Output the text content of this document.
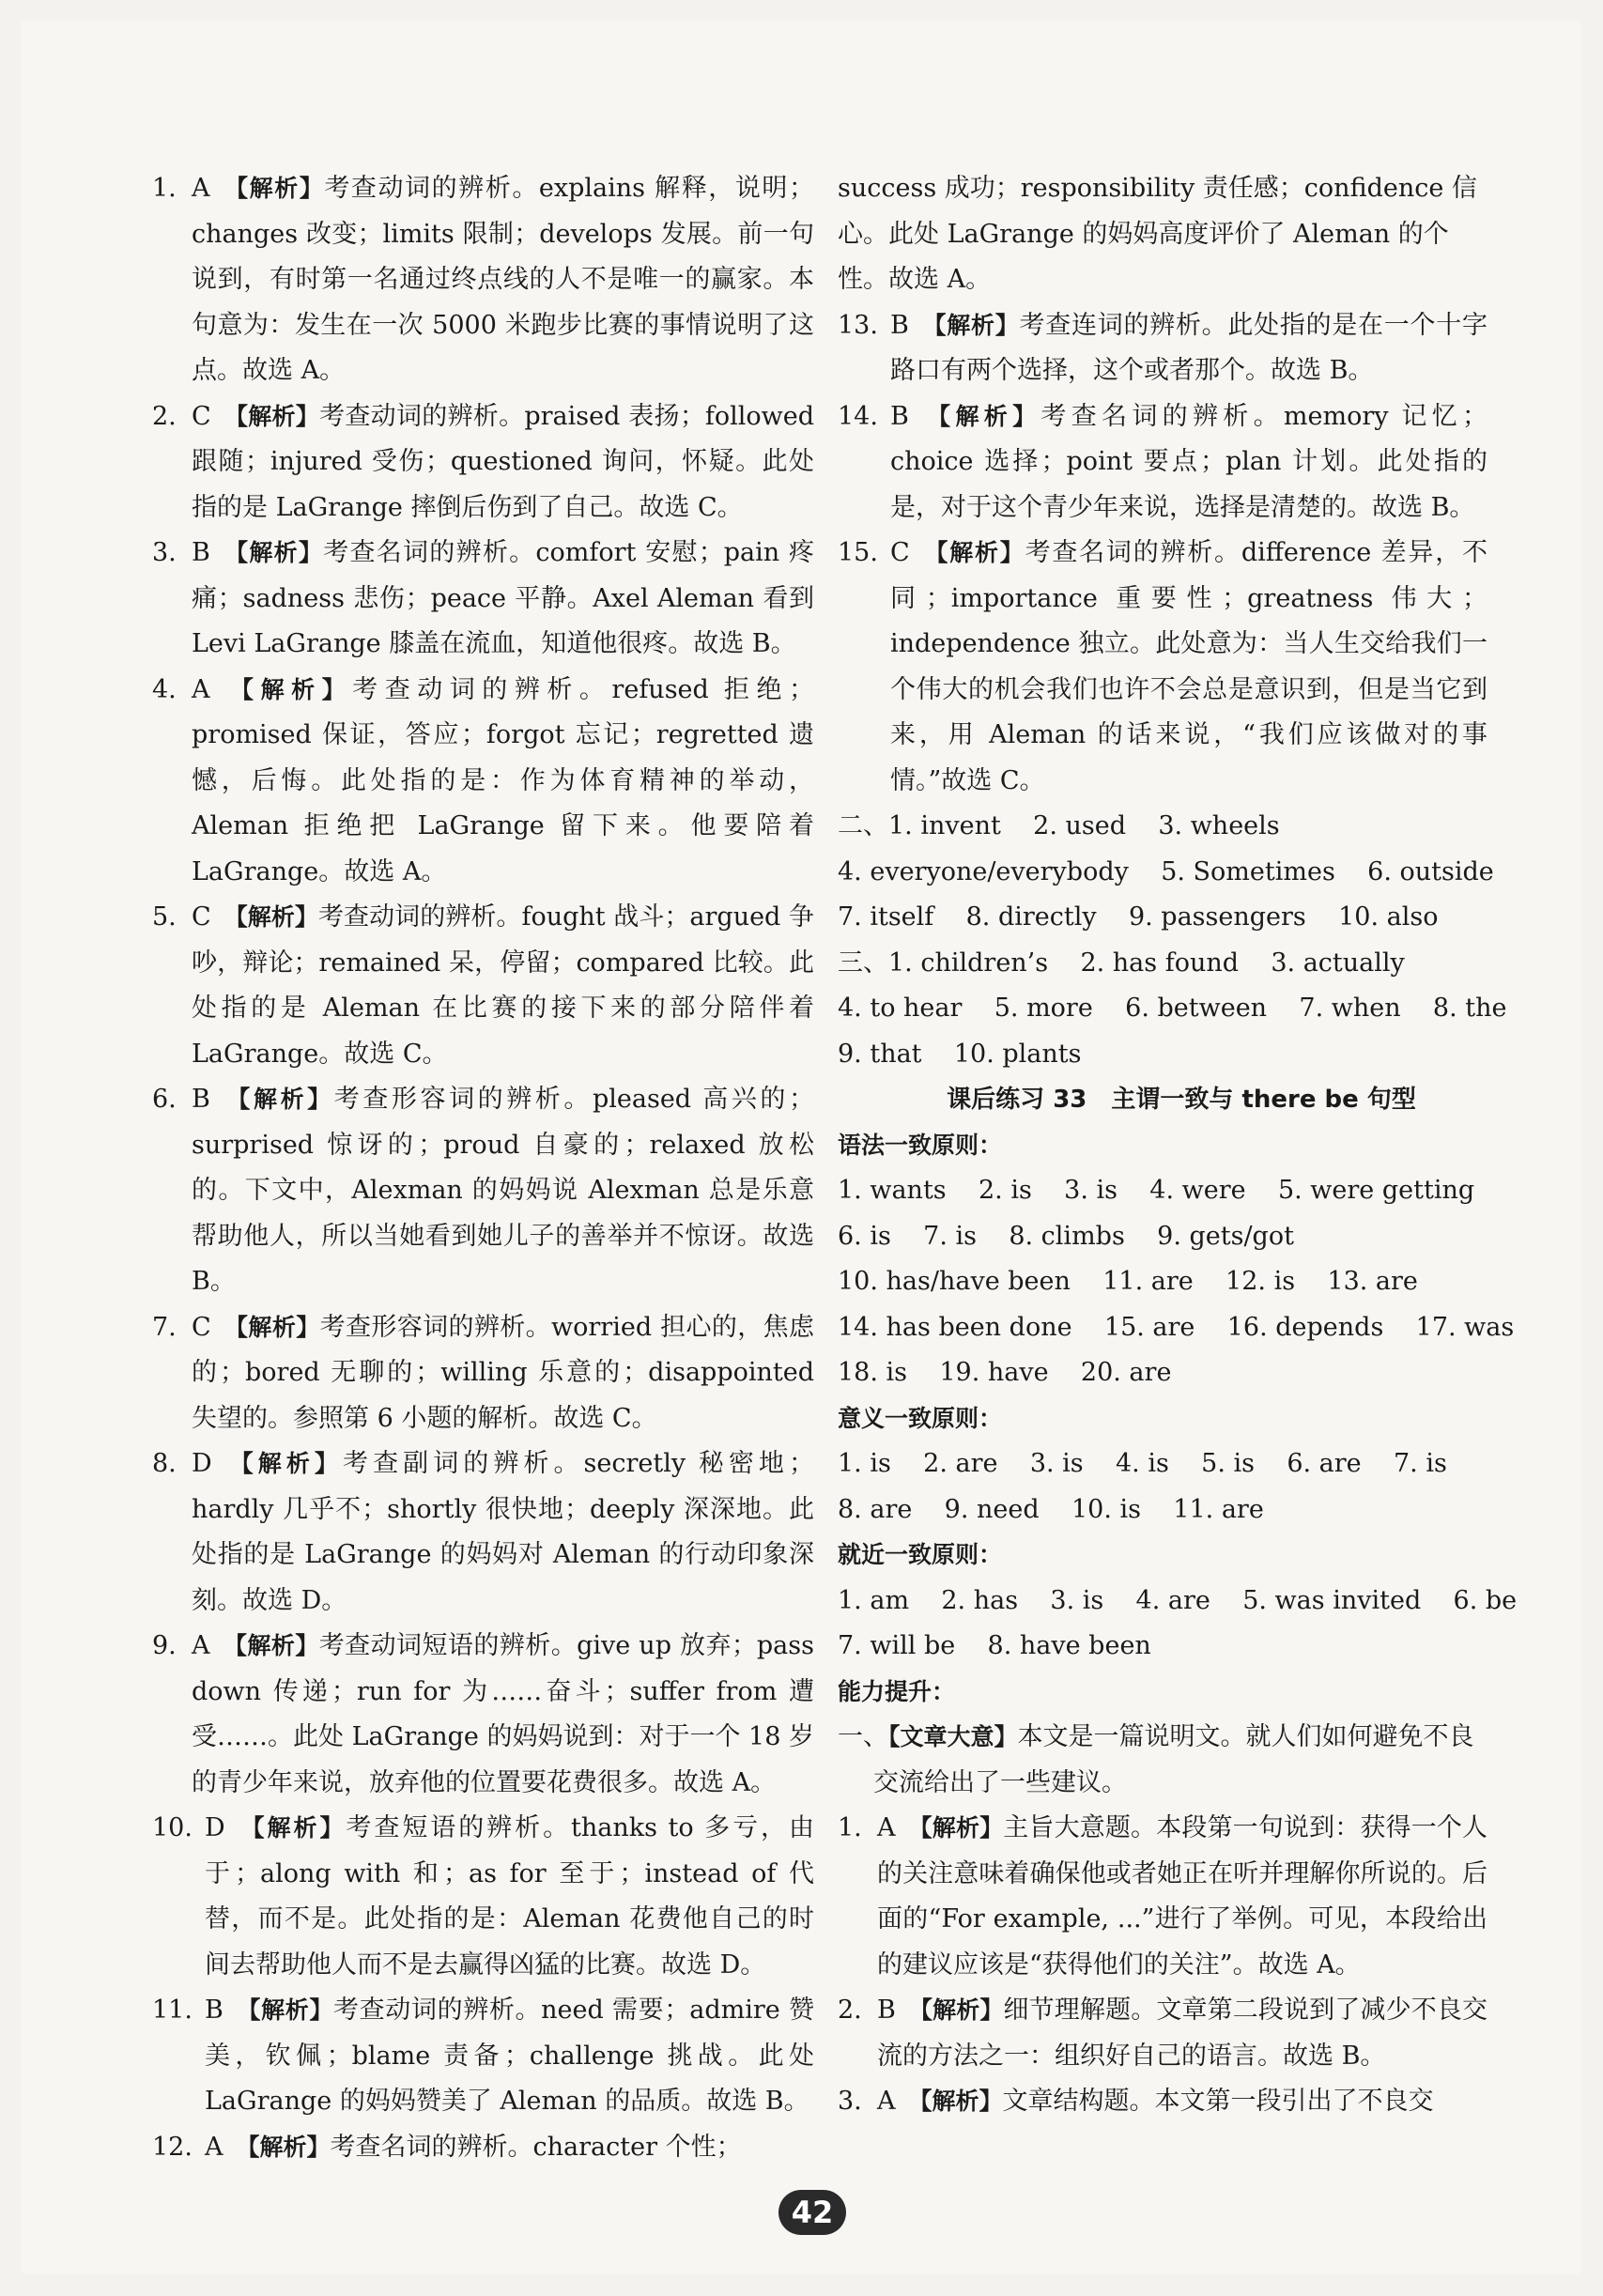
1. A 【解析】考查动词的辨析。explains 解释，说明；changes 改变；limits 限制；develops 发展。前一句说到，有时第一名通过终点线的人不是唯一的赢家。本句意为：发生在一次 5000 米跑步比赛的事情说明了这点。故选 A。
2. C 【解析】考查动词的辨析。praised 表扬；followed 跟随；injured 受伤；questioned 询问，怀疑。此处指的是 LaGrange 摔倒后伤到了自己。故选 C。
3. B 【解析】考查名词的辨析。comfort 安慰；pain 疼痛；sadness 悲伤；peace 平静。Axel Aleman 看到 Levi LaGrange 膝盖在流血，知道他很疼。故选 B。
4. A 【解析】考查动词的辨析。refused 拒绝；promised 保证，答应；forgot 忘记；regretted 遗憾，后悔。此处指的是：作为体育精神的举动，Aleman 拒绝把 LaGrange 留下来。他要陪着 LaGrange。故选 A。
5. C 【解析】考查动词的辨析。fought 战斗；argued 争吵，辩论；remained 呆，停留；compared 比较。此处指的是 Aleman 在比赛的接下来的部分陪伴着 LaGrange。故选 C。
6. B 【解析】考查形容词的辨析。pleased 高兴的；surprised 惊讶的；proud 自豪的；relaxed 放松的。下文中，Alexman 的妈妈说 Alexman 总是乐意帮助他人，所以当她看到她儿子的善举并不惊讶。故选 B。
7. C 【解析】考查形容词的辨析。worried 担心的，焦虑的；bored 无聊的；willing 乐意的；disappointed 失望的。参照第 6 小题的解析。故选 C。
8. D 【解析】考查副词的辨析。secretly 秘密地；hardly 几乎不；shortly 很快地；deeply 深深地。此处指的是 LaGrange 的妈妈对 Aleman 的行动印象深刻。故选 D。
9. A 【解析】考查动词短语的辨析。give up 放弃；pass down 传递；run for 为……奋斗；suffer from 遭受……。此处 LaGrange 的妈妈说到：对于一个 18 岁的青少年来说，放弃他的位置要花费很多。故选 A。
10. D 【解析】考查短语的辨析。thanks to 多亏，由于；along with 和；as for 至于；instead of 代替，而不是。此处指的是：Aleman 花费他自己的时间去帮助他人而不是去赢得凶猛的比赛。故选 D。
11. B 【解析】考查动词的辨析。need 需要；admire 赞美，钦佩；blame 责备；challenge 挑战。此处 LaGrange 的妈妈赞美了 Aleman 的品质。故选 B。
12. A 【解析】考查名词的辨析。character 个性；
success 成功；responsibility 责任感；confidence 信心。此处 LaGrange 的妈妈高度评价了 Aleman 的个性。故选 A。
13. B 【解析】考查连词的辨析。此处指的是在一个十字路口有两个选择，这个或者那个。故选 B。
14. B 【解析】考查名词的辨析。memory 记忆；choice 选择；point 要点；plan 计划。此处指的是，对于这个青少年来说，选择是清楚的。故选 B。
15. C 【解析】考查名词的辨析。difference 差异，不同；importance 重要性；greatness 伟大；independence 独立。此处意为：当人生交给我们一个伟大的机会我们也许不会总是意识到，但是当它到来，用 Aleman 的话来说，“我们应该做对的事情。”故选 C。
二、1. invent    2. used    3. wheels
4. everyone/everybody    5. Sometimes    6. outside
7. itself    8. directly    9. passengers    10. also
三、1. children’s    2. has found    3. actually
4. to hear    5. more    6. between    7. when    8. the
9. that    10. plants
课后练习 33　主谓一致与 there be 句型
语法一致原则：
1. wants    2. is    3. is    4. were    5. were getting
6. is    7. is    8. climbs    9. gets/got
10. has/have been    11. are    12. is    13. are
14. has been done    15. are    16. depends    17. was
18. is    19. have    20. are
意义一致原则：
1. is    2. are    3. is    4. is    5. is    6. are    7. is
8. are    9. need    10. is    11. are
就近一致原则：
1. am    2. has    3. is    4. are    5. was invited    6. be
7. will be    8. have been
能力提升：
一、【文章大意】本文是一篇说明文。就人们如何避免不良交流给出了一些建议。
1. A 【解析】主旨大意题。本段第一句说到：获得一个人的关注意味着确保他或者她正在听并理解你所说的。后面的“For example, ...”进行了举例。可见，本段给出的建议应该是“获得他们的关注”。故选 A。
2. B 【解析】细节理解题。文章第二段说到了减少不良交流的方法之一：组织好自己的语言。故选 B。
3. A 【解析】文章结构题。本文第一段引出了不良交
42
